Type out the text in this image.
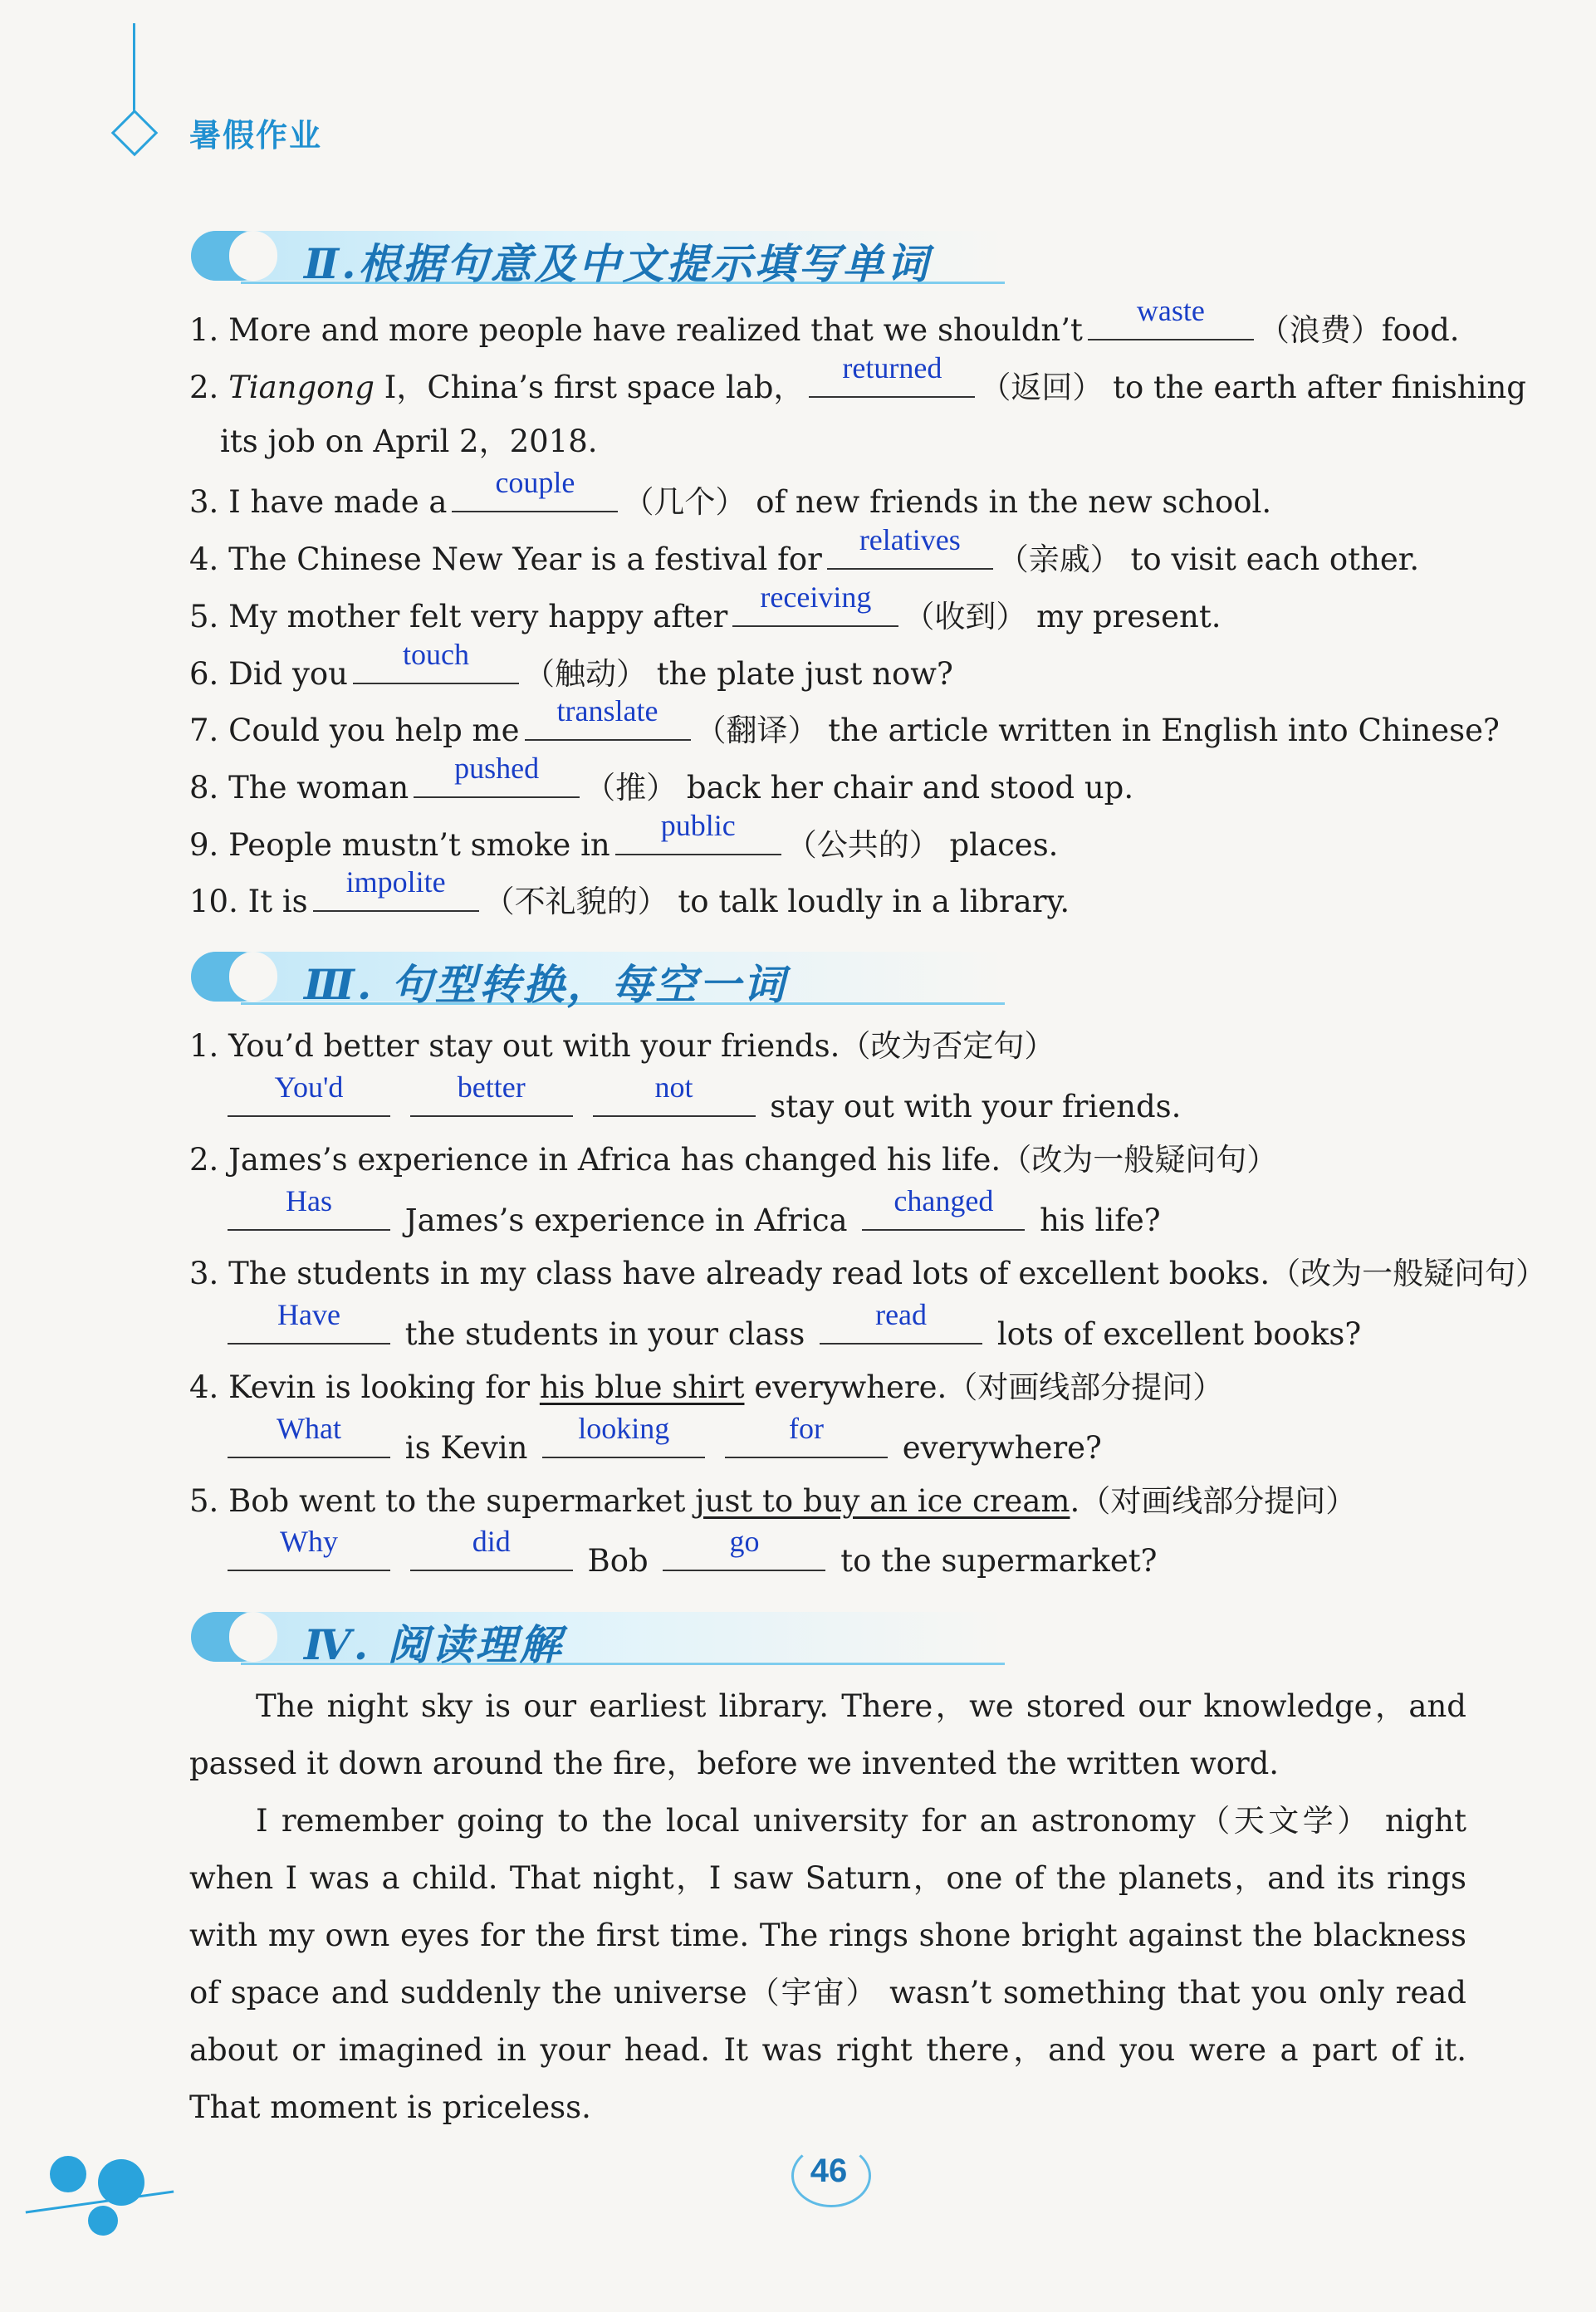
暑假作业
Ⅱ.根据句意及中文提示填写单词
1. More and more people have realized that we shouldn’t
waste
（浪费）food.
2. Tiangong Ⅰ，China’s first space lab，
returned
（返回） to the earth after finishing
its job on April 2，2018.
3. I have made a
couple
（几个） of new friends in the new school.
4. The Chinese New Year is a festival for
relatives
（亲戚） to visit each other.
5. My mother felt very happy after
receiving
（收到） my present.
6. Did you
touch
（触动） the plate just now?
7. Could you help me
translate
（翻译） the article written in English into Chinese?
8. The woman
pushed
（推） back her chair and stood up.
9. People mustn’t smoke in
public
（公共的） places.
10. It is
impolite
（不礼貌的） to talk loudly in a library.
Ⅲ. 句型转换，每空一词
1. You’d better stay out with your friends.（改为否定句）
You'd
	better
	not
stay out with your friends.
2. James’s experience in Africa has changed his life.（改为一般疑问句）
Has
James’s experience in Africa
changed
his life?
3. The students in my class have already read lots of excellent books.（改为一般疑问句）
Have
the students in your class
read
lots of excellent books?
4. Kevin is looking for his blue shirt everywhere.（对画线部分提问）
What
is Kevin
looking
	for
everywhere?
5. Bob went to the supermarket just to buy an ice cream.（对画线部分提问）
Why
	did
Bob
go
to the supermarket?
Ⅳ. 阅读理解
The night sky is our earliest library. There，we stored our knowledge，and passed it down around the fire，before we invented the written word.
I remember going to the local university for an astronomy（天文学） night when I was a child. That night，I saw Saturn，one of the planets，and its rings with my own eyes for the first time. The rings shone bright against the blackness of space and suddenly the universe（宇宙） wasn’t something that you only read about or imagined in your head. It was right there，and you were a part of it. That moment is priceless.
46
